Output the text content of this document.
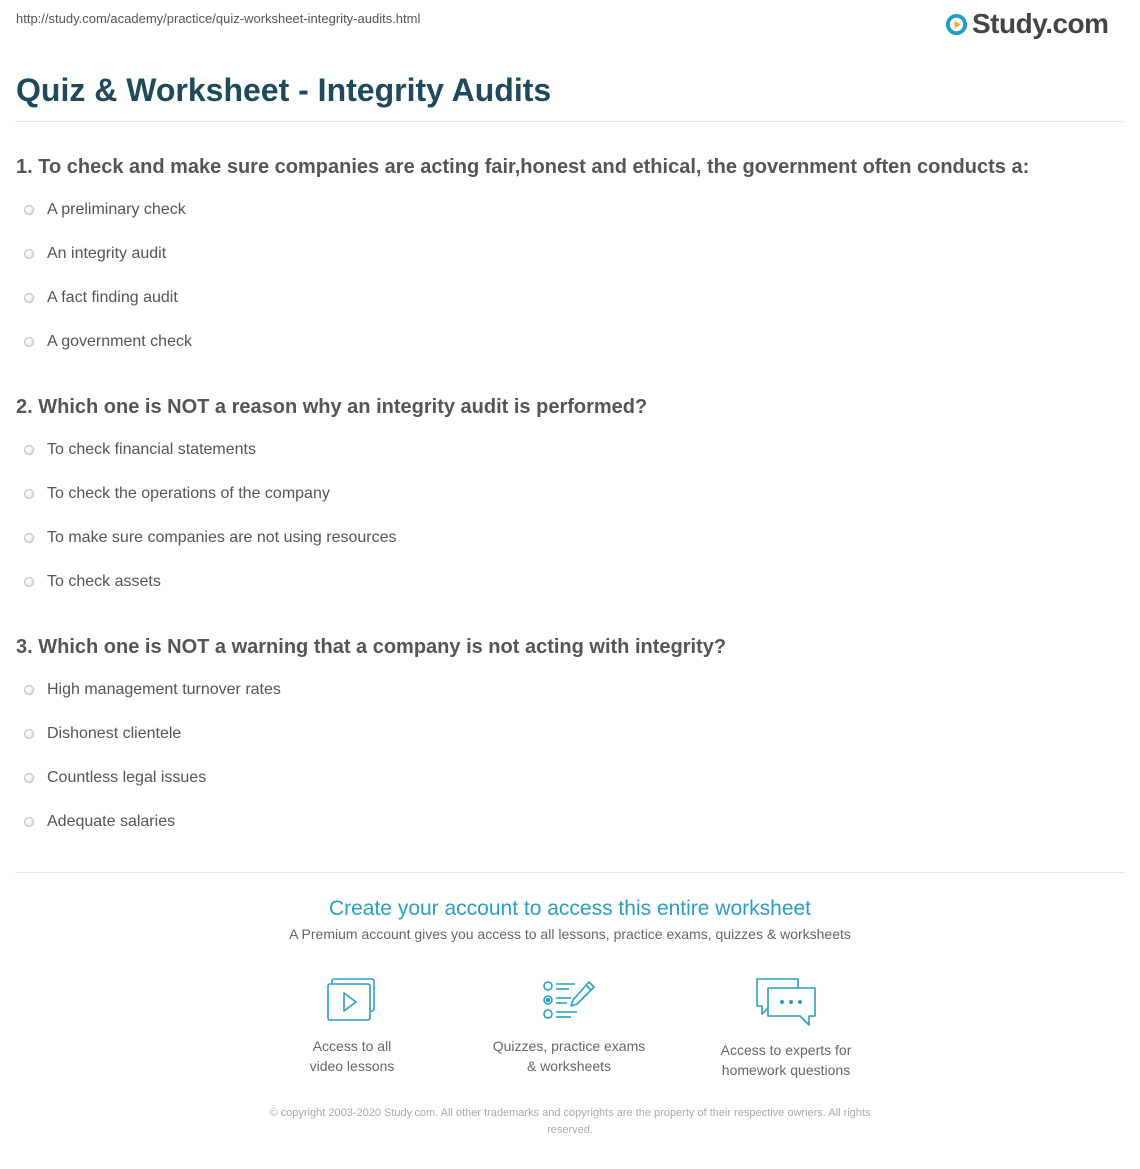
http://study.com/academy/practice/quiz-worksheet-integrity-audits.html	Study.com
Quiz & Worksheet - Integrity Audits
1. To check and make sure companies are acting fair,honest and ethical, the government often conducts a:
A preliminary check
An integrity audit
A fact finding audit
A government check
2. Which one is NOT a reason why an integrity audit is performed?
To check financial statements
To check the operations of the company
To make sure companies are not using resources
To check assets
3. Which one is NOT a warning that a company is not acting with integrity?
High management turnover rates
Dishonest clientele
Countless legal issues
Adequate salaries
Create your account to access this entire worksheet
A Premium account gives you access to all lessons, practice exams, quizzes & worksheets
Access to all
video lessons
Quizzes, practice exams
& worksheets
Access to experts for
homework questions
© copyright 2003-2020 Study.com. All other trademarks and copyrights are the property of their respective owners. All rights
reserved.
